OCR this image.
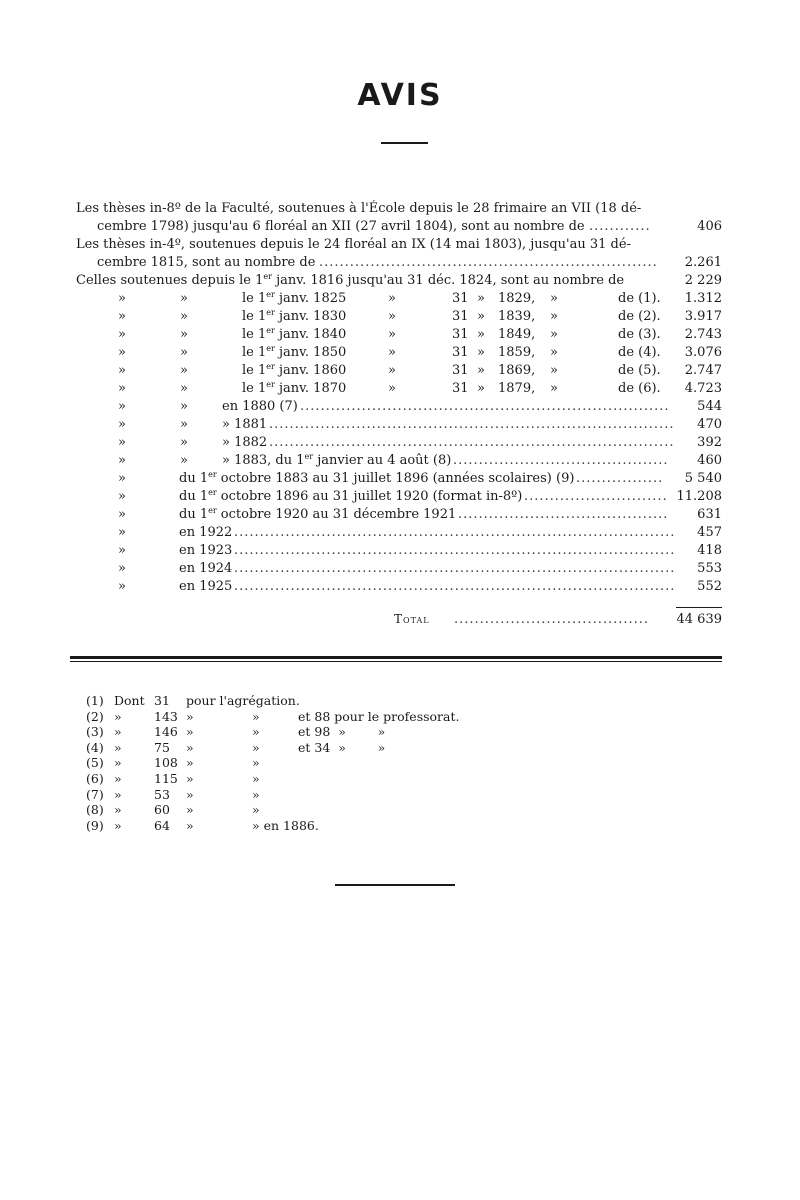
AVIS
Les thèses in-8º de la Faculté, soutenues à l'École depuis le 28 frimaire an VII (18 dé-
cembre 1798) jusqu'au 6 floréal an XII (27 avril 1804), sont au nombre de	406
............
Les thèses in-4º, soutenues depuis le 24 floréal an IX (14 mai 1803), jusqu'au 31 dé-
cembre 1815, sont au nombre de	2.261
..................................................................
Celles soutenues depuis le 1er janv. 1816 jusqu'au 31 déc. 1824, sont au nombre de	2 229
»	»	le 1er janv. 1825	»	31 » 1829, »	de (1). 1.312
»	»	le 1er janv. 1830	»	31 » 1839, »	de (2). 3.917
»	»	le 1er janv. 1840	»	31 » 1849, »	de (3). 2.743
»	»	le 1er janv. 1850	»	31 » 1859, »	de (4). 3.076
»	»	le 1er janv. 1860	»	31 » 1869, »	de (5). 2.747
»	»	le 1er janv. 1870	»	31 » 1879, »	de (6). 4.723
»	»	en 1880 (7) ........................................................................ 544
»	»	» 1881 ............................................................................... 470
»	»	» 1882 ............................................................................... 392
»	»	» 1883, du 1er janvier au 4 août (8) .......................................... 460
»	du 1er octobre 1883 au 31 juillet 1896 (années scolaires) (9) ................. 5 540
»	du 1er octobre 1896 au 31 juillet 1920 (format in-8º) ............................ 11.208
»	du 1er octobre 1920 au 31 décembre 1921 ......................................... 631
»	en 1922 ...................................................................................... 457
»	en 1923 ...................................................................................... 418
»	en 1924 ...................................................................................... 553
»	en 1925 ...................................................................................... 552
Total ...................................... 44 639
(1) Dont 31 pour l'agrégation.
(2) »	143 »	»	et 88 pour le professorat.
(3) »	146 »	»	et 98  »        »
(4) »	75 »	»	et 34  »        »
(5) »	108 »	»
(6) »	115 »	»
(7) »	53 »	»
(8) »	60 »	»
(9) »	64 »	» en 1886.
